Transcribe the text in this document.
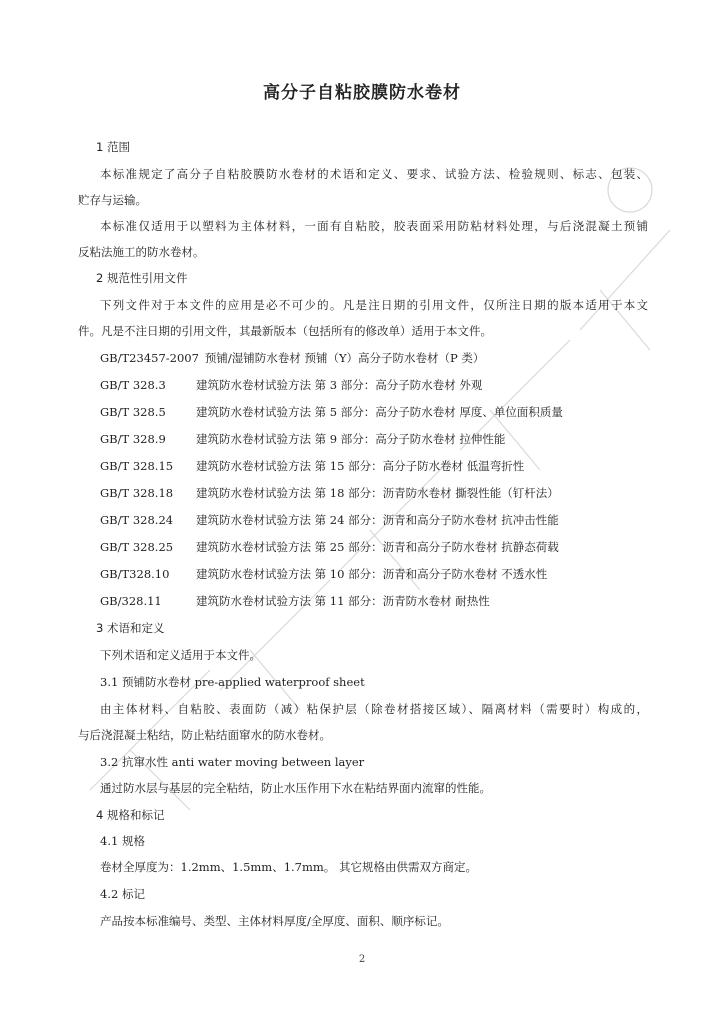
高分子自粘胶膜防水卷材
1 范围
本标准规定了高分子自粘胶膜防水卷材的术语和定义、要求、试验方法、检验规则、标志、包装、
贮存与运输。
本标准仅适用于以塑料为主体材料，一面有自粘胶，胶表面采用防粘材料处理，与后浇混凝土预铺
反粘法施工的防水卷材。
2 规范性引用文件
下列文件对于本文件的应用是必不可少的。凡是注日期的引用文件，仅所注日期的版本适用于本文
件。凡是不注日期的引用文件，其最新版本（包括所有的修改单）适用于本文件。
GB/T23457-2007 预铺/湿铺防水卷材 预铺（Y）高分子防水卷材（P 类）
GB/T 328.3	建筑防水卷材试验方法 第 3 部分：高分子防水卷材 外观
GB/T 328.5	建筑防水卷材试验方法 第 5 部分：高分子防水卷材 厚度、单位面积质量
GB/T 328.9	建筑防水卷材试验方法 第 9 部分：高分子防水卷材 拉伸性能
GB/T 328.15 建筑防水卷材试验方法 第 15 部分：高分子防水卷材 低温弯折性
GB/T 328.18 建筑防水卷材试验方法 第 18 部分：沥青防水卷材 撕裂性能（钉杆法）
GB/T 328.24 建筑防水卷材试验方法 第 24 部分：沥青和高分子防水卷材 抗冲击性能
GB/T 328.25 建筑防水卷材试验方法 第 25 部分：沥青和高分子防水卷材 抗静态荷载
GB/T328.10 建筑防水卷材试验方法 第 10 部分：沥青和高分子防水卷材 不透水性
GB/328.11	建筑防水卷材试验方法 第 11 部分：沥青防水卷材 耐热性
3 术语和定义
下列术语和定义适用于本文件。
3.1 预铺防水卷材 pre-applied waterproof sheet
由主体材料、自粘胶、表面防（减）粘保护层（除卷材搭接区域）、隔离材料（需要时）构成的，
与后浇混凝土粘结，防止粘结面窜水的防水卷材。
3.2 抗窜水性 anti water moving between layer
通过防水层与基层的完全粘结，防止水压作用下水在粘结界面内流窜的性能。
4 规格和标记
4.1 规格
卷材全厚度为：1.2mm、1.5mm、1.7mm。 其它规格由供需双方商定。
4.2 标记
产品按本标准编号、类型、主体材料厚度/全厚度、面积、顺序标记。
2
